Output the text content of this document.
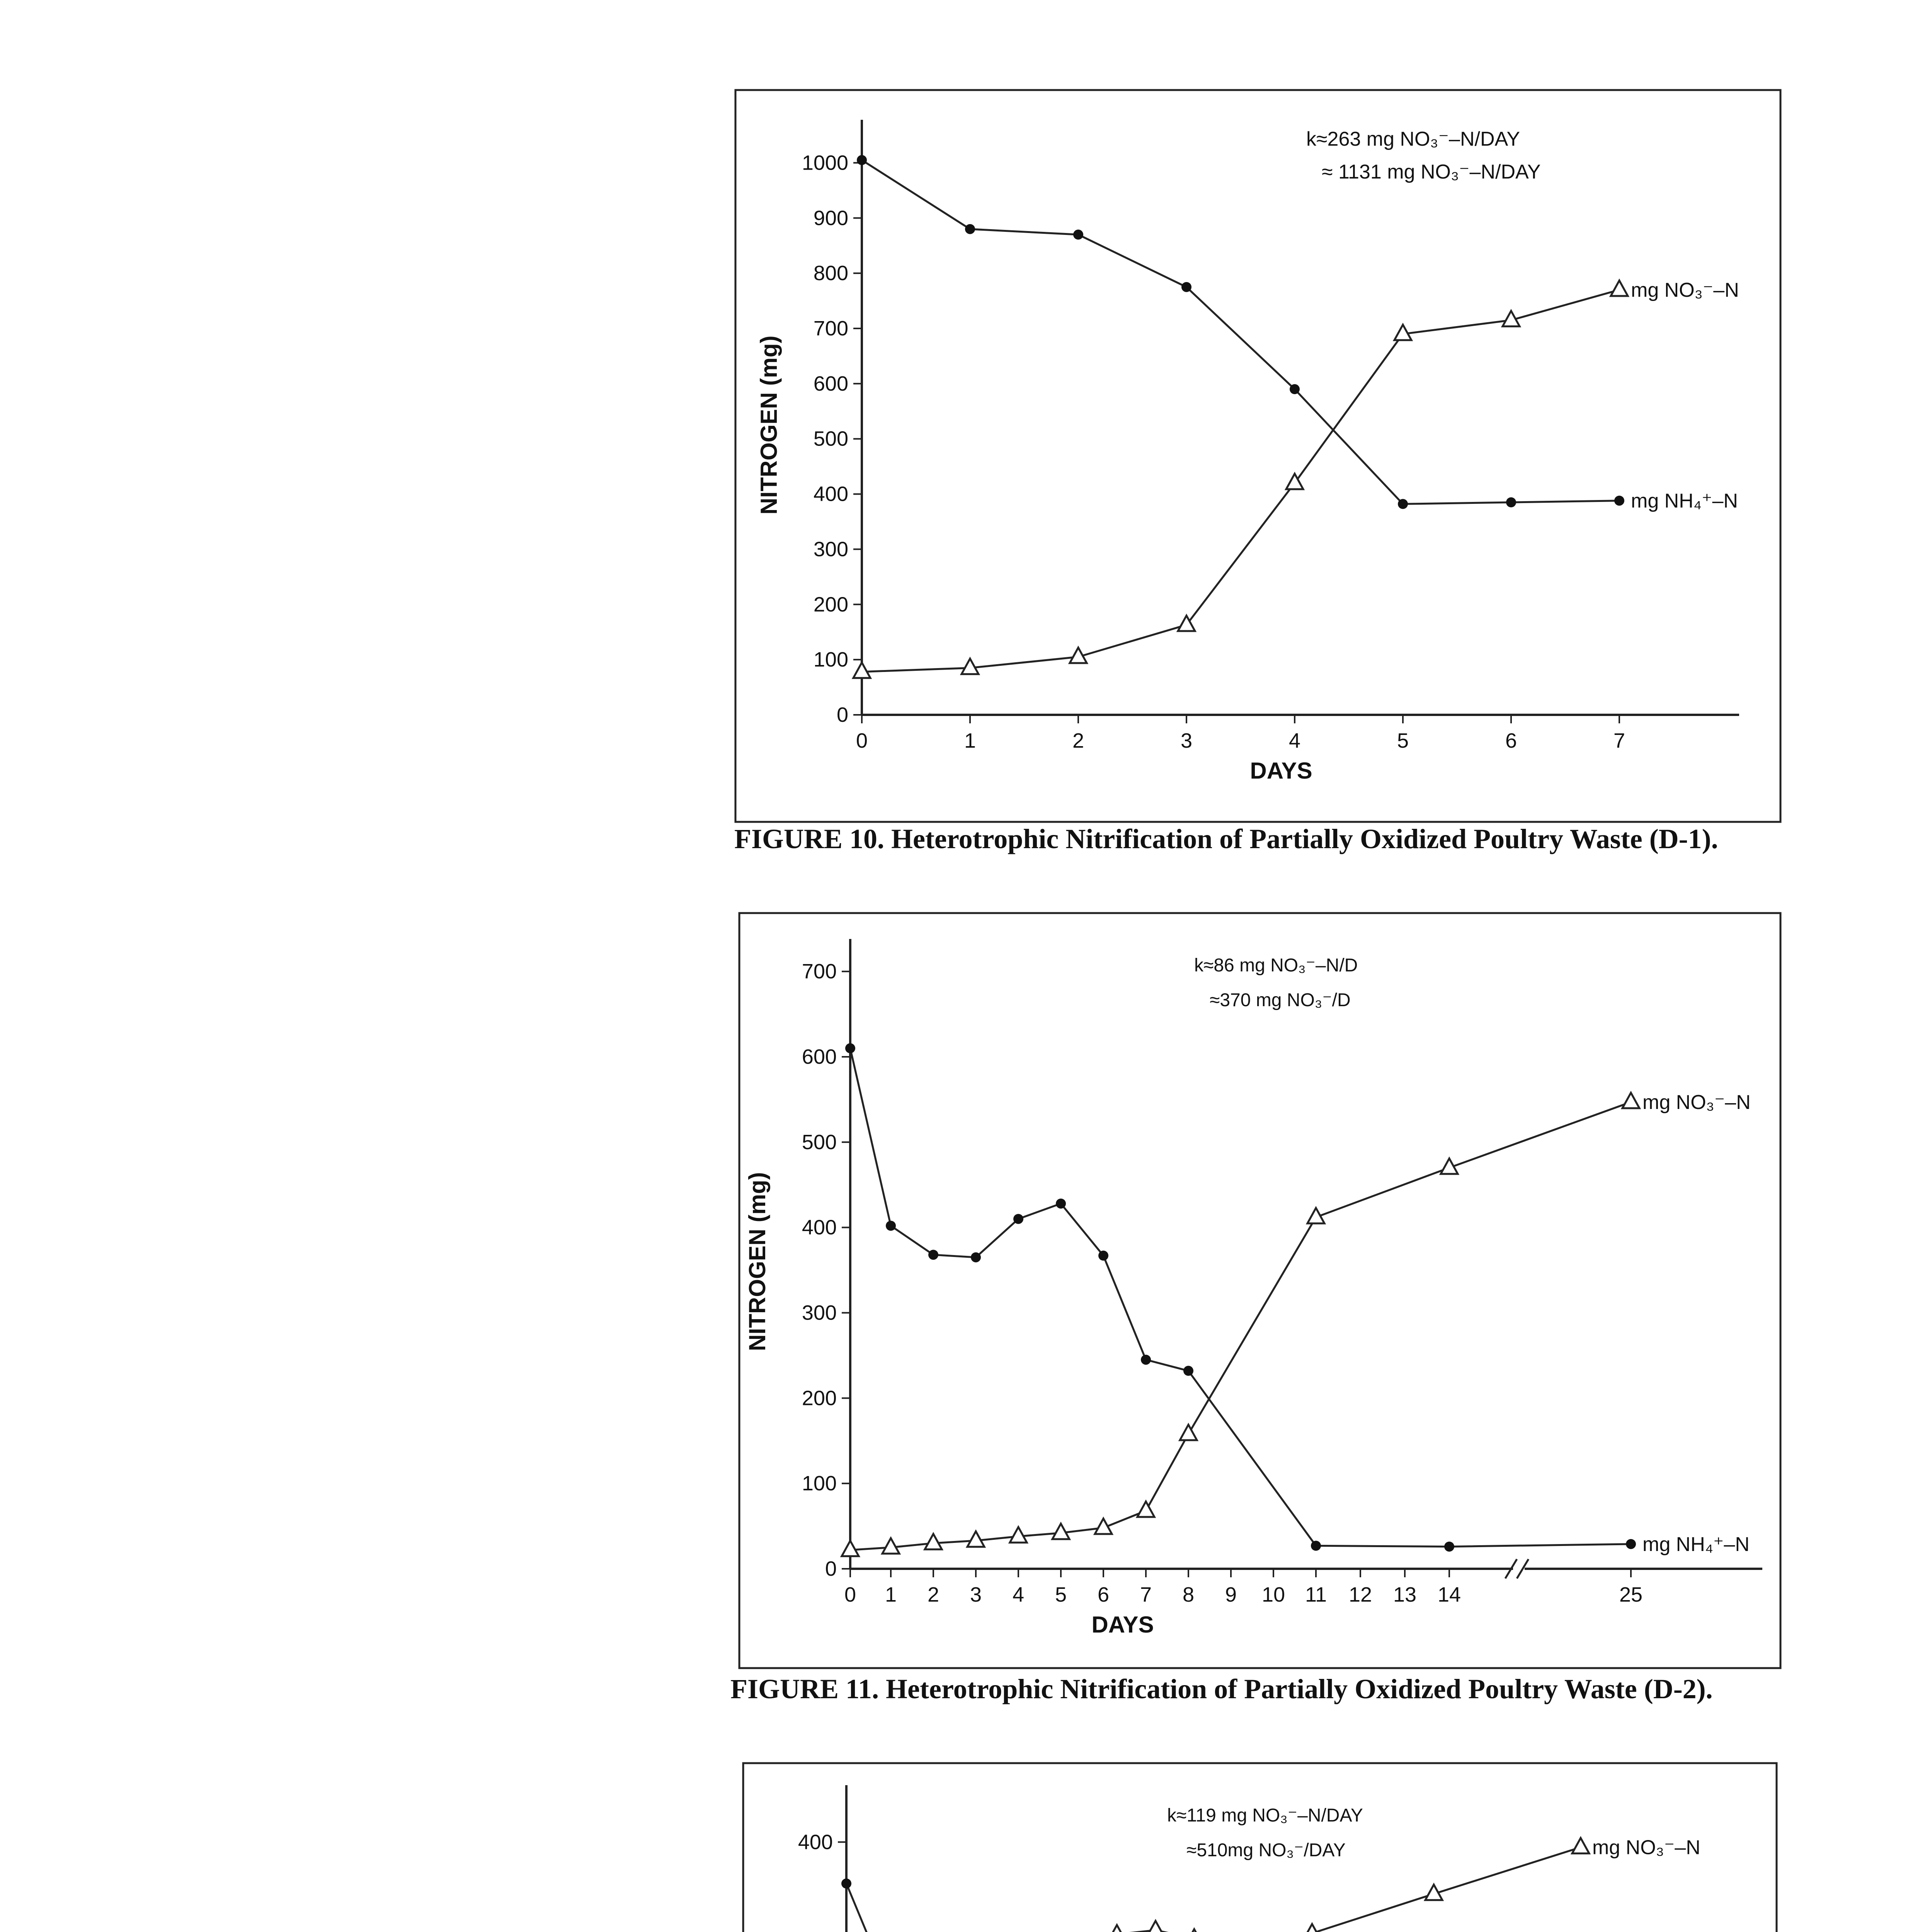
0
100
200
300
400
500
600
700
800
900
1000
0	1	2	3	4	5	6	7
DAYS
NITROGEN (mg)	mg NH₄⁺–N
mg NO₃⁻–N
k≈263 mg NO₃⁻–N/DAY
≈ 1131 mg NO₃⁻–N/DAY
FIGURE 10. Heterotrophic Nitrification of Partially Oxidized Poultry Waste (D-1).
0
100
200
300
400
500
600
700
0 1 2 3 4 5 6 7 8 9 10 11 12 13 14	25
DAYS
NITROGEN (mg)
mg NH₄⁺–N
mg NO₃⁻–N
k≈86 mg NO₃⁻–N/D
≈370 mg NO₃⁻/D
FIGURE 11. Heterotrophic Nitrification of Partially Oxidized Poultry Waste (D-2).
400	mg NO₃⁻–N
k≈119 mg NO₃⁻–N/DAY
≈510mg NO₃⁻/DAY
